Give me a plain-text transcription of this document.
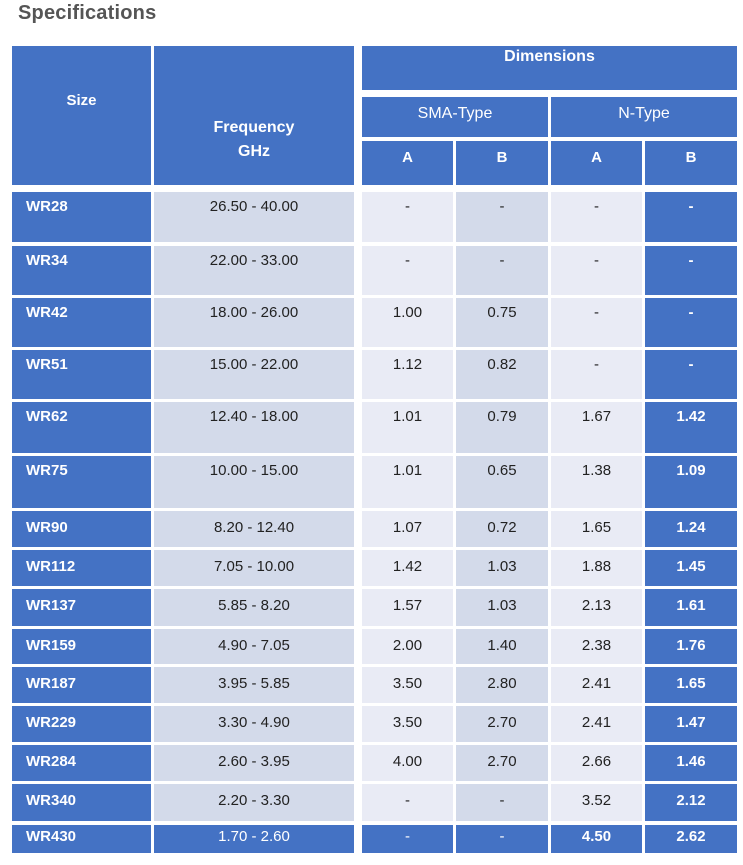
Specifications
Size

Frequency
GHz

Dimensions
SMA-Type	N-Type
A	B	A	B
WR28	26.50 - 40.00	-	-	-	-
WR34	22.00 - 33.00	-	-	-	-
WR42	18.00 - 26.00	1.00	0.75	-	-
WR51	15.00 - 22.00	1.12	0.82	-	-
WR62	12.40 - 18.00	1.01	0.79	1.67	1.42
WR75	10.00 - 15.00	1.01	0.65	1.38	1.09
WR90	8.20 - 12.40	1.07	0.72	1.65	1.24
WR112	7.05 - 10.00	1.42	1.03	1.88	1.45
WR137	5.85 - 8.20	1.57	1.03	2.13	1.61
WR159	4.90 - 7.05	2.00	1.40	2.38	1.76
WR187	3.95 - 5.85	3.50	2.80	2.41	1.65
WR229	3.30 - 4.90	3.50	2.70	2.41	1.47
WR284	2.60 - 3.95	4.00	2.70	2.66	1.46
WR340	2.20 - 3.30	-	-	3.52	2.12
WR430	1.70 - 2.60	-	-	4.50	2.62
